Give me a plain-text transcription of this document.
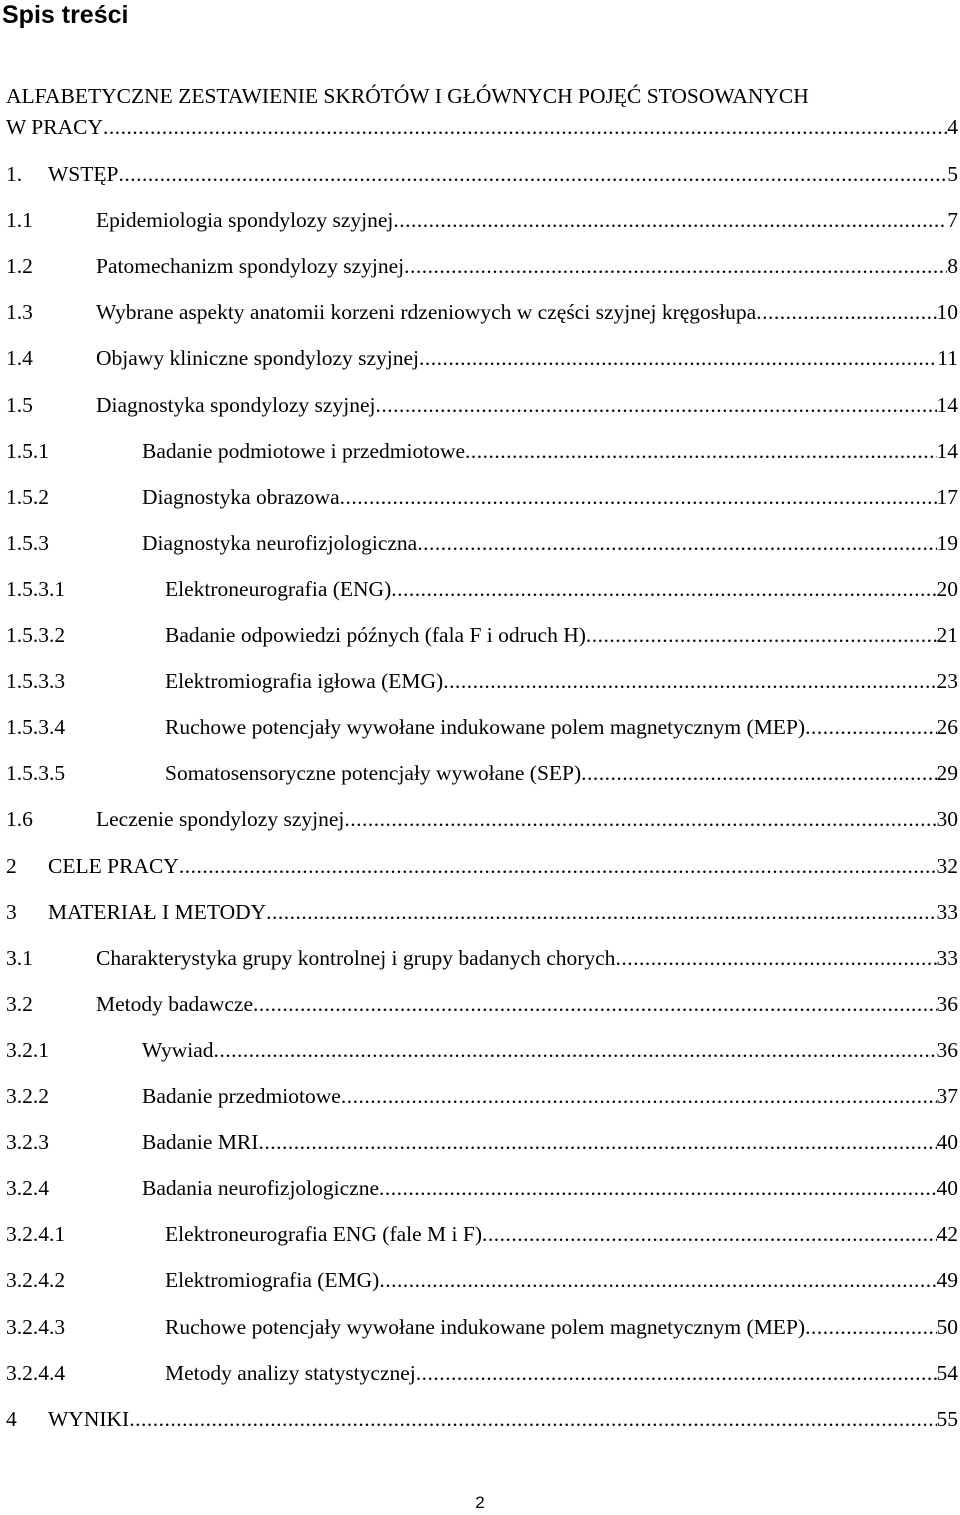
Spis treści
ALFABETYCZNE ZESTAWIENIE SKRÓTÓW I GŁÓWNYCH POJĘĆ STOSOWANYCH
W PRACY .....	4
1.	WSTĘP .....	5
1.1	Epidemiologia spondylozy szyjnej .....	7
1.2	Patomechanizm spondylozy szyjnej .....	8
1.3	Wybrane aspekty anatomii korzeni rdzeniowych w części szyjnej kręgosłupa .....	10
1.4	Objawy kliniczne spondylozy szyjnej .....	11
1.5	Diagnostyka spondylozy szyjnej .....	14
1.5.1	Badanie podmiotowe i przedmiotowe .....	14
1.5.2	Diagnostyka obrazowa .....	17
1.5.3	Diagnostyka neurofizjologiczna .....	19
1.5.3.1	Elektroneurografia (ENG) .....	20
1.5.3.2	Badanie odpowiedzi późnych (fala F i odruch H) .....	21
1.5.3.3	Elektromiografia igłowa (EMG) .....	23
1.5.3.4	Ruchowe potencjały wywołane indukowane polem magnetycznym (MEP) .....	26
1.5.3.5	Somatosensoryczne potencjały wywołane (SEP) .....	29
1.6	Leczenie spondylozy szyjnej .....	30
2	CELE PRACY .....	32
3	MATERIAŁ I METODY .....	33
3.1	Charakterystyka grupy kontrolnej i grupy badanych chorych .....	33
3.2	Metody badawcze .....	36
3.2.1	Wywiad .....	36
3.2.2	Badanie przedmiotowe .....	37
3.2.3	Badanie MRI .....	40
3.2.4	Badania neurofizjologiczne .....	40
3.2.4.1	Elektroneurografia ENG (fale M i F) .....	42
3.2.4.2	Elektromiografia (EMG) .....	49
3.2.4.3	Ruchowe potencjały wywołane indukowane polem magnetycznym (MEP) .....	50
3.2.4.4	Metody analizy statystycznej .....	54
4	WYNIKI .....	55
2
